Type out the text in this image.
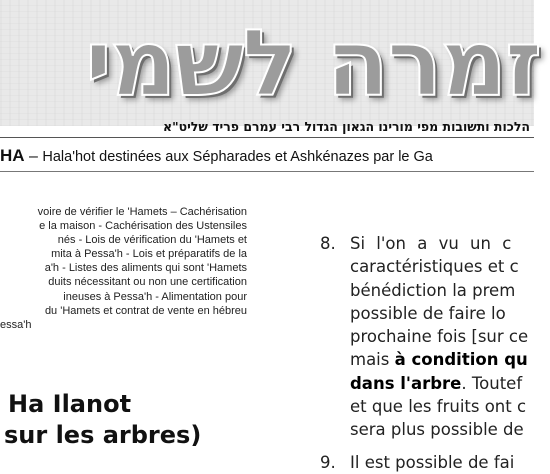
זמרה לשמי
הלכות ותשובות מפי מורינו הגאון הגדול רבי עמרם פריד שליט"א
HA – Hala'hot destinées aux Sépharades et Ashkénazes par le Ga
voire de vérifier le 'Hamets – Cachérisation
e la maison - Cachérisation des Ustensiles
nés - Lois de vérification du 'Hamets et
mita à Pessa'h - Lois et préparatifs de la
a'h - Listes des aliments qui sont 'Hamets
duits nécessitant ou non une certification
ineuses à Pessa'h - Alimentation pour
du 'Hamets et contrat de vente en hébreu
essa'h
Ha Ilanot
sur les arbres)
8. Si l'on a vu un c
caractéristiques et c
bénédiction la prem
possible de faire lo
prochaine fois [sur ce
mais à condition qu
dans l'arbre. Toutef
et que les fruits ont c
sera plus possible de
9. Il est possible de fai
